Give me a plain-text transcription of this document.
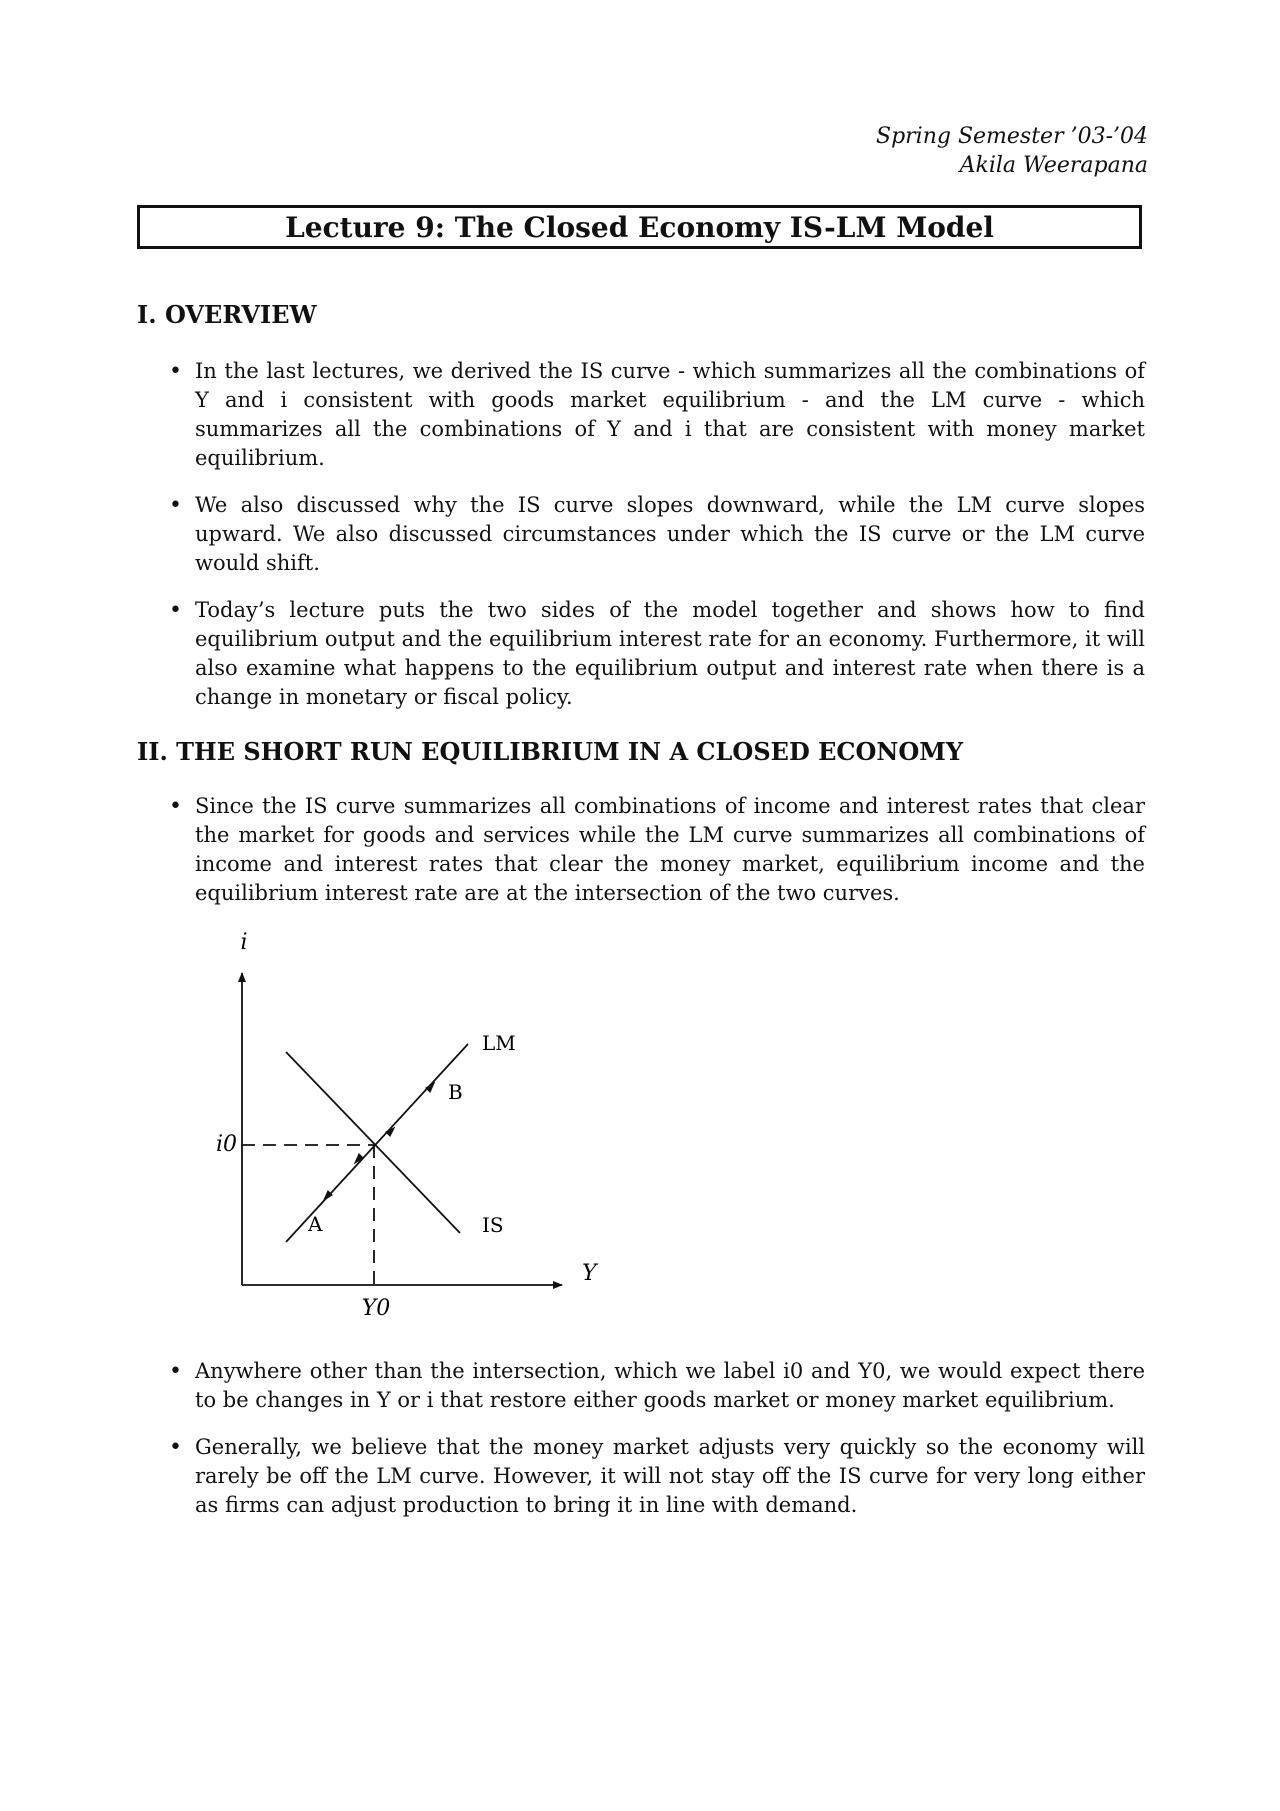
Spring Semester ’03-’04
Akila Weerapana
Lecture 9: The Closed Economy IS-LM Model
I. OVERVIEW
• In the last lectures, we derived the IS curve - which summarizes all the combinations of Y and i consistent with goods market equilibrium - and the LM curve - which summarizes all the combinations of Y and i that are consistent with money market equilibrium.
• We also discussed why the IS curve slopes downward, while the LM curve slopes upward. We also discussed circumstances under which the IS curve or the LM curve would shift.
• Today’s lecture puts the two sides of the model together and shows how to find equilibrium output and the equilibrium interest rate for an economy. Furthermore, it will also examine what happens to the equilibrium output and interest rate when there is a change in monetary or fiscal policy.
II. THE SHORT RUN EQUILIBRIUM IN A CLOSED ECONOMY
• Since the IS curve summarizes all combinations of income and interest rates that clear the market for goods and services while the LM curve summarizes all combinations of income and interest rates that clear the money market, equilibrium income and the equilibrium interest rate are at the intersection of the two curves.
i
Y
LM
IS
B
A
i0
Y0
• Anywhere other than the intersection, which we label i0 and Y0, we would expect there to be changes in Y or i that restore either goods market or money market equilibrium.
• Generally, we believe that the money market adjusts very quickly so the economy will rarely be off the LM curve. However, it will not stay off the IS curve for very long either as firms can adjust production to bring it in line with demand.
